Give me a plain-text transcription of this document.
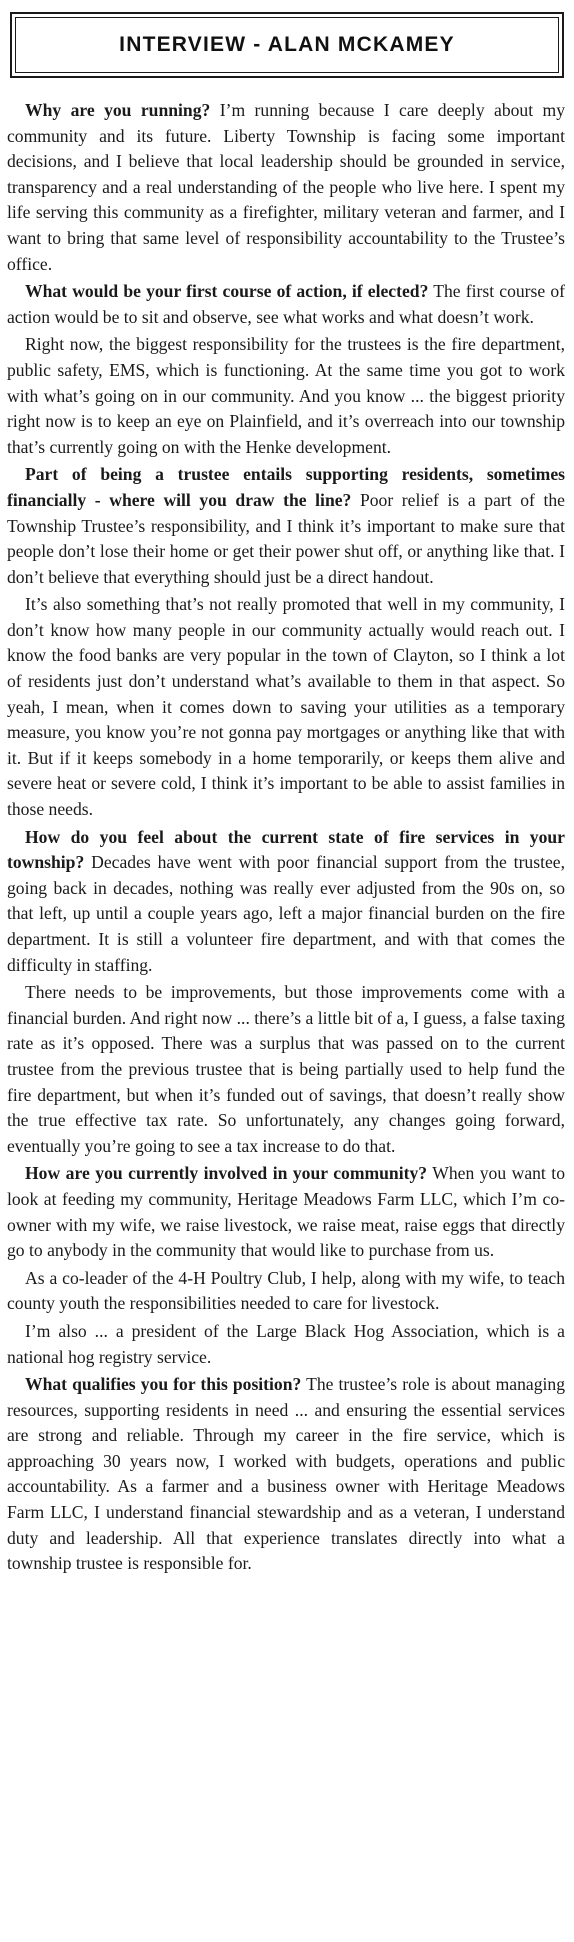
INTERVIEW - ALAN MCKAMEY

Why are you running? I’m running because I care deeply about my community and its future. Liberty Township is facing some important decisions, and I believe that local leadership should be grounded in service, transparency and a real understanding of the people who live here. I spent my life serving this community as a firefighter, military veteran and farmer, and I want to bring that same level of responsibility accountability to the Trustee’s office.

What would be your first course of action, if elected? The first course of action would be to sit and observe, see what works and what doesn’t work.

Right now, the biggest responsibility for the trustees is the fire department, public safety, EMS, which is functioning. At the same time you got to work with what’s going on in our community. And you know ... the biggest priority right now is to keep an eye on Plainfield, and it’s overreach into our township that’s currently going on with the Henke development.

Part of being a trustee entails supporting residents, sometimes financially - where will you draw the line? Poor relief is a part of the Township Trustee’s responsibility, and I think it’s important to make sure that people don’t lose their home or get their power shut off, or anything like that. I don’t believe that everything should just be a direct handout.

It’s also something that’s not really promoted that well in my community, I don’t know how many people in our community actually would reach out. I know the food banks are very popular in the town of Clayton, so I think a lot of residents just don’t understand what’s available to them in that aspect. So yeah, I mean, when it comes down to saving your utilities as a temporary measure, you know you’re not gonna pay mortgages or anything like that with it. But if it keeps somebody in a home temporarily, or keeps them alive and severe heat or severe cold, I think it’s important to be able to assist families in those needs.

How do you feel about the current state of fire services in your township? Decades have went with poor financial support from the trustee, going back in decades, nothing was really ever adjusted from the 90s on, so that left, up until a couple years ago, left a major financial burden on the fire department. It is still a volunteer fire department, and with that comes the difficulty in staffing.

There needs to be improvements, but those improvements come with a financial burden. And right now ... there’s a little bit of a, I guess, a false taxing rate as it’s opposed. There was a surplus that was passed on to the current trustee from the previous trustee that is being partially used to help fund the fire department, but when it’s funded out of savings, that doesn’t really show the true effective tax rate. So unfortunately, any changes going forward, eventually you’re going to see a tax increase to do that.

How are you currently involved in your community? When you want to look at feeding my community, Heritage Meadows Farm LLC, which I’m co-owner with my wife, we raise livestock, we raise meat, raise eggs that directly go to anybody in the community that would like to purchase from us.

As a co-leader of the 4-H Poultry Club, I help, along with my wife, to teach county youth the responsibilities needed to care for livestock.

I’m also ... a president of the Large Black Hog Association, which is a national hog registry service.

What qualifies you for this position? The trustee’s role is about managing resources, supporting residents in need ... and ensuring the essential services are strong and reliable. Through my career in the fire service, which is approaching 30 years now, I worked with budgets, operations and public accountability. As a farmer and a business owner with Heritage Meadows Farm LLC, I understand financial stewardship and as a veteran, I understand duty and leadership. All that experience translates directly into what a township trustee is responsible for.
